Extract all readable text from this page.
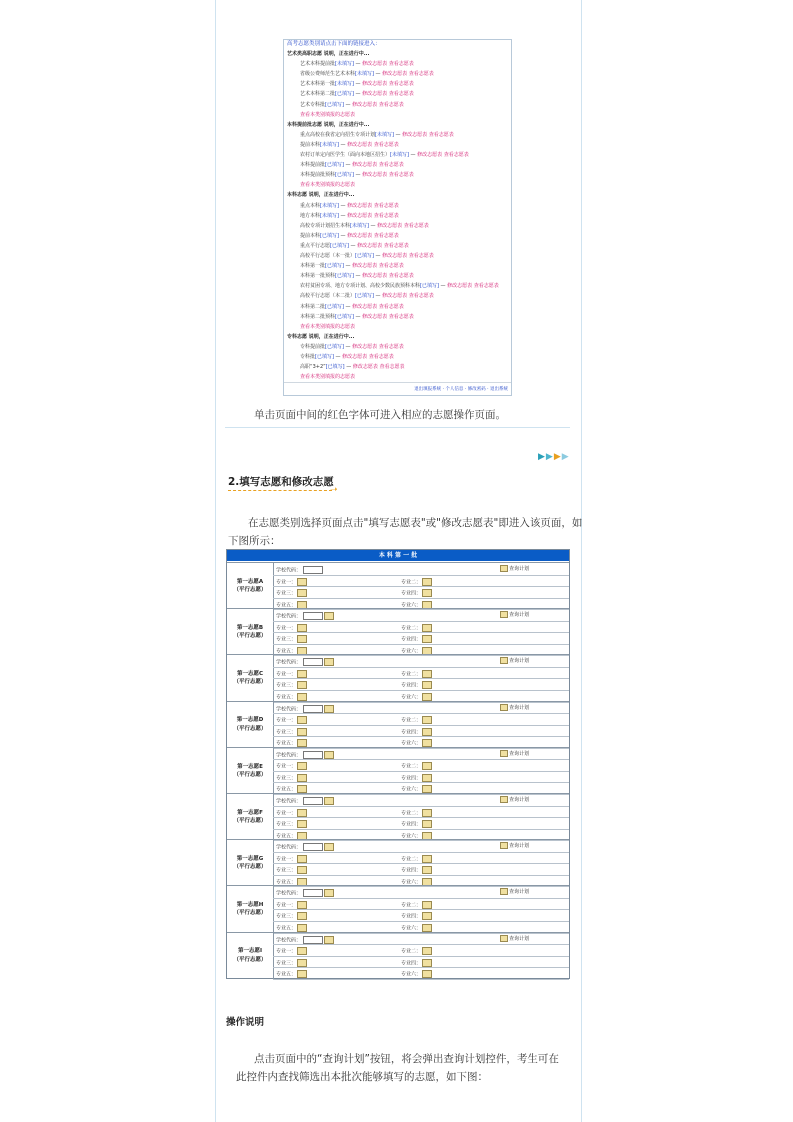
高考志愿类别请点击下面的链接进入：
退出填报系统 · 个人信息 · 修改密码 · 退出系统
艺术类高职志愿 说明，正在进行中...
艺术本科提前批[未填写] — 修改志愿表 查看志愿表
省级公费师范生艺术本科[未填写] — 修改志愿表 查看志愿表
艺术本科第一批[未填写] — 修改志愿表 查看志愿表
艺术本科第二批[已填写] — 修改志愿表 查看志愿表
艺术专科批[已填写] — 修改志愿表 查看志愿表
查看本类别填报的志愿表
本科提前批志愿 说明，正在进行中...
重点高校在我省定向招生专项计划[未填写] — 修改志愿表 查看志愿表
提前本科[未填写] — 修改志愿表 查看志愿表
农村订单定向医学生（面向本地区招生）[未填写] — 修改志愿表 查看志愿表
本科提前批[已填写] — 修改志愿表 查看志愿表
本科提前批预科[已填写] — 修改志愿表 查看志愿表
查看本类别填报的志愿表
本科志愿 说明，正在进行中...
重点本科[未填写] — 修改志愿表 查看志愿表
地方本科[未填写] — 修改志愿表 查看志愿表
高校专项计划招生本科[未填写] — 修改志愿表 查看志愿表
提前本科[已填写] — 修改志愿表 查看志愿表
重点平行志愿[已填写] — 修改志愿表 查看志愿表
高校平行志愿（本一批）[已填写] — 修改志愿表 查看志愿表
本科第一批[已填写] — 修改志愿表 查看志愿表
本科第一批预科[已填写] — 修改志愿表 查看志愿表
农村贫困专项、地方专项计划、高校少数民族预科本科[已填写] — 修改志愿表 查看志愿表
高校平行志愿（本二批）[已填写] — 修改志愿表 查看志愿表
本科第二批[已填写] — 修改志愿表 查看志愿表
本科第二批预科[已填写] — 修改志愿表 查看志愿表
查看本类别填报的志愿表
专科志愿 说明，正在进行中...
专科提前批[已填写] — 修改志愿表 查看志愿表
专科批[已填写] — 修改志愿表 查看志愿表
高职“3+2”[已填写] — 修改志愿表 查看志愿表
查看本类别填报的志愿表
单击页面中间的红色字体可进入相应的志愿操作页面。
▶▶▶▶
2.填写志愿和修改志愿
➝
在志愿类别选择页面点击"填写志愿表"或"修改志愿表"即进入该页面，如
下图所示：
本 科 第 一 批
第一志愿A
（平行志愿）
学校代码：	查询计划
专业一：	专业二：
专业三：	专业四：
专业五：	专业六：
第一志愿B
（平行志愿）
学校代码：	查询计划
专业一：	专业二：
专业三：	专业四：
专业五：	专业六：
第一志愿C
（平行志愿）
学校代码：	查询计划
专业一：	专业二：
专业三：	专业四：
专业五：	专业六：
第一志愿D
（平行志愿）
学校代码：	查询计划
专业一：	专业二：
专业三：	专业四：
专业五：	专业六：
第一志愿E
（平行志愿）
学校代码：	查询计划
专业一：	专业二：
专业三：	专业四：
专业五：	专业六：
第一志愿F
（平行志愿）
学校代码：	查询计划
专业一：	专业二：
专业三：	专业四：
专业五：	专业六：
第一志愿G
（平行志愿）
学校代码：	查询计划
专业一：	专业二：
专业三：	专业四：
专业五：	专业六：
第一志愿H
（平行志愿）
学校代码：	查询计划
专业一：	专业二：
专业三：	专业四：
专业五：	专业六：
第一志愿I
（平行志愿）
学校代码：	查询计划
专业一：	专业二：
专业三：	专业四：
专业五：	专业六：
操作说明
点击页面中的“查询计划”按钮，将会弹出查询计划控件，考生可在
此控件内查找筛选出本批次能够填写的志愿，如下图：
